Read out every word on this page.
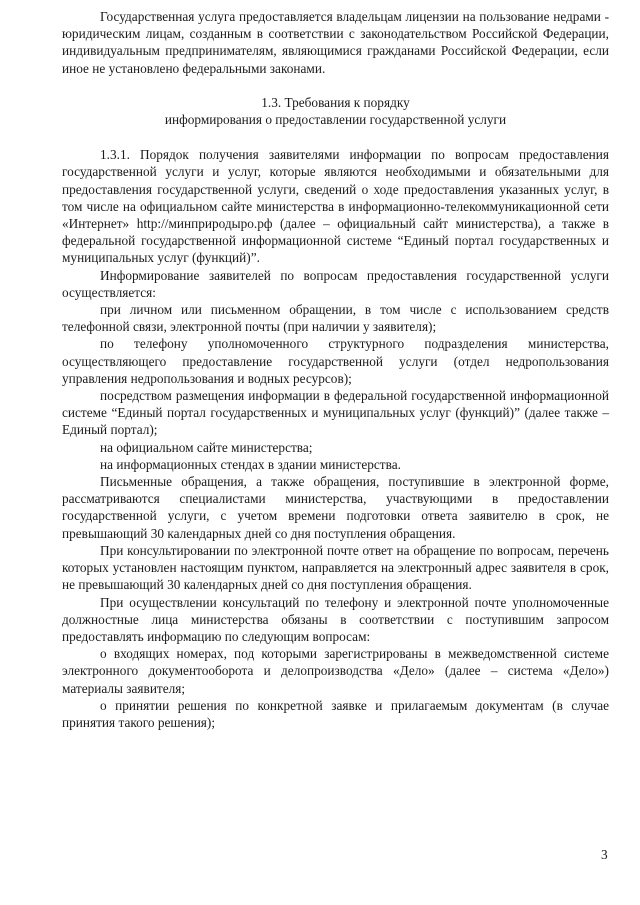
Государственная услуга предоставляется владельцам лицензии на пользование недрами - юридическим лицам, созданным в соответствии с законодательством Российской Федерации, индивидуальным предпринимателям, являющимися гражданами Российской Федерации, если иное не установлено федеральными законами.

1.3. Требования к порядку
информирования о предоставлении государственной услуги

1.3.1. Порядок получения заявителями информации по вопросам предоставления государственной услуги и услуг, которые являются необходимыми и обязательными для предоставления государственной услуги, сведений о ходе предоставления указанных услуг, в том числе на официальном сайте министерства в информационно-телекоммуникационной сети «Интернет» http://минприродыро.рф (далее – официальный сайт министерства), а также в федеральной государственной информационной системе “Единый портал государственных и муниципальных услуг (функций)”.

Информирование заявителей по вопросам предоставления государственной услуги осуществляется:

при личном или письменном обращении, в том числе с использованием средств телефонной связи, электронной почты (при наличии у заявителя);

по телефону уполномоченного структурного подразделения министерства, осуществляющего предоставление государственной услуги (отдел недропользования управления недропользования и водных ресурсов);

посредством размещения информации в федеральной государственной информационной системе “Единый портал государственных и муниципальных услуг (функций)” (далее также – Единый портал);

на официальном сайте министерства;

на информационных стендах в здании министерства.

Письменные обращения, а также обращения, поступившие в электронной форме, рассматриваются специалистами министерства, участвующими в предоставлении государственной услуги, с учетом времени подготовки ответа заявителю в срок, не превышающий 30 календарных дней со дня поступления обращения.

При консультировании по электронной почте ответ на обращение по вопросам, перечень которых установлен настоящим пунктом, направляется на электронный адрес заявителя в срок, не превышающий 30 календарных дней со дня поступления обращения.

При осуществлении консультаций по телефону и электронной почте уполномоченные должностные лица министерства обязаны в соответствии с поступившим запросом предоставлять информацию по следующим вопросам:

о входящих номерах, под которыми зарегистрированы в межведомственной системе электронного документооборота и делопроизводства «Дело» (далее – система «Дело») материалы заявителя;

о принятии решения по конкретной заявке и прилагаемым документам (в случае принятия такого решения);

3
